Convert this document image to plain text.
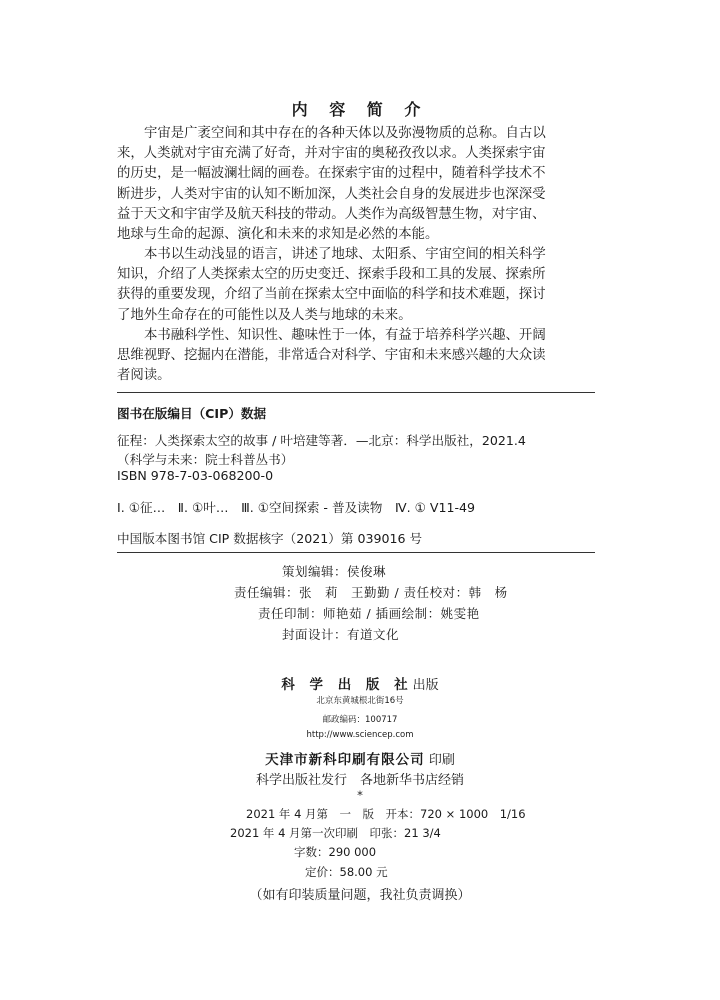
内 容 简 介
宇宙是广袤空间和其中存在的各种天体以及弥漫物质的总称。自古以
来，人类就对宇宙充满了好奇，并对宇宙的奥秘孜孜以求。人类探索宇宙
的历史，是一幅波澜壮阔的画卷。在探索宇宙的过程中，随着科学技术不
断进步，人类对宇宙的认知不断加深，人类社会自身的发展进步也深深受
益于天文和宇宙学及航天科技的带动。人类作为高级智慧生物，对宇宙、
地球与生命的起源、演化和未来的求知是必然的本能。
本书以生动浅显的语言，讲述了地球、太阳系、宇宙空间的相关科学
知识，介绍了人类探索太空的历史变迁、探索手段和工具的发展、探索所
获得的重要发现，介绍了当前在探索太空中面临的科学和技术难题，探讨
了地外生命存在的可能性以及人类与地球的未来。
本书融科学性、知识性、趣味性于一体，有益于培养科学兴趣、开阔
思维视野、挖掘内在潜能，非常适合对科学、宇宙和未来感兴趣的大众读
者阅读。
图书在版编目（CIP）数据
征程：人类探索太空的故事 / 叶培建等著．—北京：科学出版社，2021.4
（科学与未来：院士科普丛书）
ISBN 978-7-03-068200-0
Ⅰ. ①征…　Ⅱ. ①叶…　Ⅲ. ①空间探索 - 普及读物　Ⅳ. ① V11-49
中国版本图书馆 CIP 数据核字（2021）第 039016 号
策划编辑：侯俊琳
责任编辑：张　莉　王勤勤 / 责任校对：韩　杨
责任印制：师艳茹 / 插画绘制：姚雯艳
封面设计：有道文化
科 学 出 版 社出版
北京东黄城根北街16号
邮政编码：100717
http://www.sciencep.com
天津市新科印刷有限公司 印刷
科学出版社发行　各地新华书店经销
*
2021 年 4 月第　一　版　开本：720 × 1000　1/16
2021 年 4 月第一次印刷　印张：21 3/4
字数：290 000
定价：58.00 元
（如有印装质量问题，我社负责调换）
